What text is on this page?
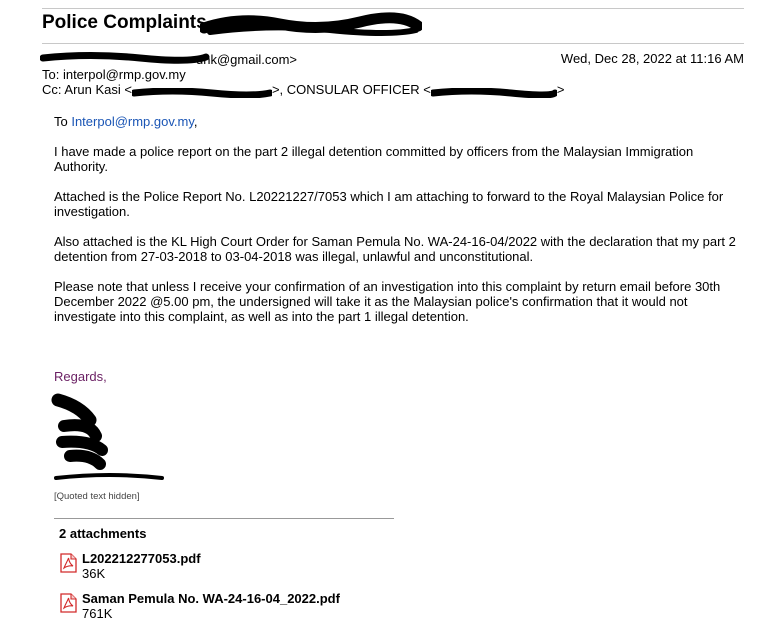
Police Complaints
unk@gmail.com>	Wed, Dec 28, 2022 at 11:16 AM
To: interpol@rmp.gov.my
Cc: Arun Kasi <	>, CONSULAR OFFICER <	>
To Interpol@rmp.gov.my,
I have made a police report on the part 2 illegal detention committed by officers from the Malaysian Immigration Authority.
Attached is the Police Report No. L20221227/7053 which I am attaching to forward to the Royal Malaysian Police for investigation.
Also attached is the KL High Court Order for Saman Pemula No. WA-24-16-04/2022 with the declaration that my part 2 detention from 27-03-2018 to 03-04-2018 was illegal, unlawful and unconstitutional.
Please note that unless I receive your confirmation of an investigation into this complaint by return email before 30th December 2022 @5.00 pm, the undersigned will take it as the Malaysian police's confirmation that it would not investigate into this complaint, as well as into the part 1 illegal detention.
Regards,
[Quoted text hidden]
2 attachments
L202212277053.pdf
36K
Saman Pemula No. WA-24-16-04_2022.pdf
761K
